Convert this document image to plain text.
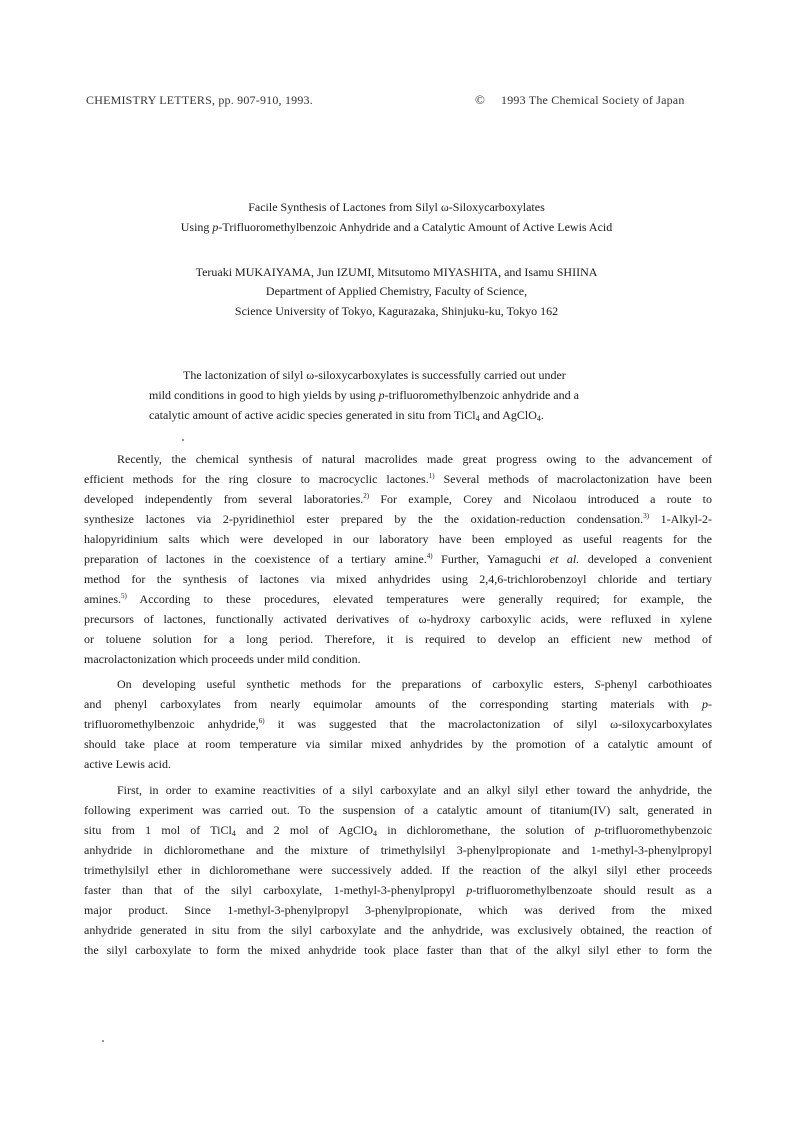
CHEMISTRY LETTERS, pp. 907-910, 1993.	© 1993 The Chemical Society of Japan
Facile Synthesis of Lactones from Silyl ω-Siloxycarboxylates
Using p-Trifluoromethylbenzoic Anhydride and a Catalytic Amount of Active Lewis Acid
Teruaki MUKAIYAMA, Jun IZUMI, Mitsutomo MIYASHITA, and Isamu SHIINA
Department of Applied Chemistry, Faculty of Science,
Science University of Tokyo, Kagurazaka, Shinjuku-ku, Tokyo 162
The lactonization of silyl ω-siloxycarboxylates is successfully carried out under
mild conditions in good to high yields by using p-trifluoromethylbenzoic anhydride and a
catalytic amount of active acidic species generated in situ from TiCl$_4$ and AgClO$_4$.
Recently, the chemical synthesis of natural macrolides made great progress owing to the advancement of
efficient methods for the ring closure to macrocyclic lactones.$^{1)}$ Several methods of macrolactonization have been
developed independently from several laboratories.$^{2)}$ For example, Corey and Nicolaou introduced a route to
synthesize lactones via 2-pyridinethiol ester prepared by the the oxidation-reduction condensation.$^{3)}$ 1-Alkyl-2-
halopyridinium salts which were developed in our laboratory have been employed as useful reagents for the
preparation of lactones in the coexistence of a tertiary amine.$^{4)}$ Further, Yamaguchi et al. developed a convenient
method for the synthesis of lactones via mixed anhydrides using 2,4,6-trichlorobenzoyl chloride and tertiary
amines.$^{5)}$ According to these procedures, elevated temperatures were generally required; for example, the
precursors of lactones, functionally activated derivatives of ω-hydroxy carboxylic acids, were refluxed in xylene
or toluene solution for a long period. Therefore, it is required to develop an efficient new method of
macrolactonization which proceeds under mild condition.
On developing useful synthetic methods for the preparations of carboxylic esters, S-phenyl carbothioates
and phenyl carboxylates from nearly equimolar amounts of the corresponding starting materials with p-
trifluoromethylbenzoic anhydride,$^{6)}$ it was suggested that the macrolactonization of silyl ω-siloxycarboxylates
should take place at room temperature via similar mixed anhydrides by the promotion of a catalytic amount of
active Lewis acid.
First, in order to examine reactivities of a silyl carboxylate and an alkyl silyl ether toward the anhydride, the
following experiment was carried out. To the suspension of a catalytic amount of titanium(IV) salt, generated in
situ from 1 mol of TiCl$_4$ and 2 mol of AgClO$_4$ in dichloromethane, the solution of p-trifluoromethybenzoic
anhydride in dichloromethane and the mixture of trimethylsilyl 3-phenylpropionate and 1-methyl-3-phenylpropyl
trimethylsilyl ether in dichloromethane were successively added. If the reaction of the alkyl silyl ether proceeds
faster than that of the silyl carboxylate, 1-methyl-3-phenylpropyl p-trifluoromethylbenzoate should result as a
major product. Since 1-methyl-3-phenylpropyl 3-phenylpropionate, which was derived from the mixed
anhydride generated in situ from the silyl carboxylate and the anhydride, was exclusively obtained, the reaction of
the silyl carboxylate to form the mixed anhydride took place faster than that of the alkyl silyl ether to form the
